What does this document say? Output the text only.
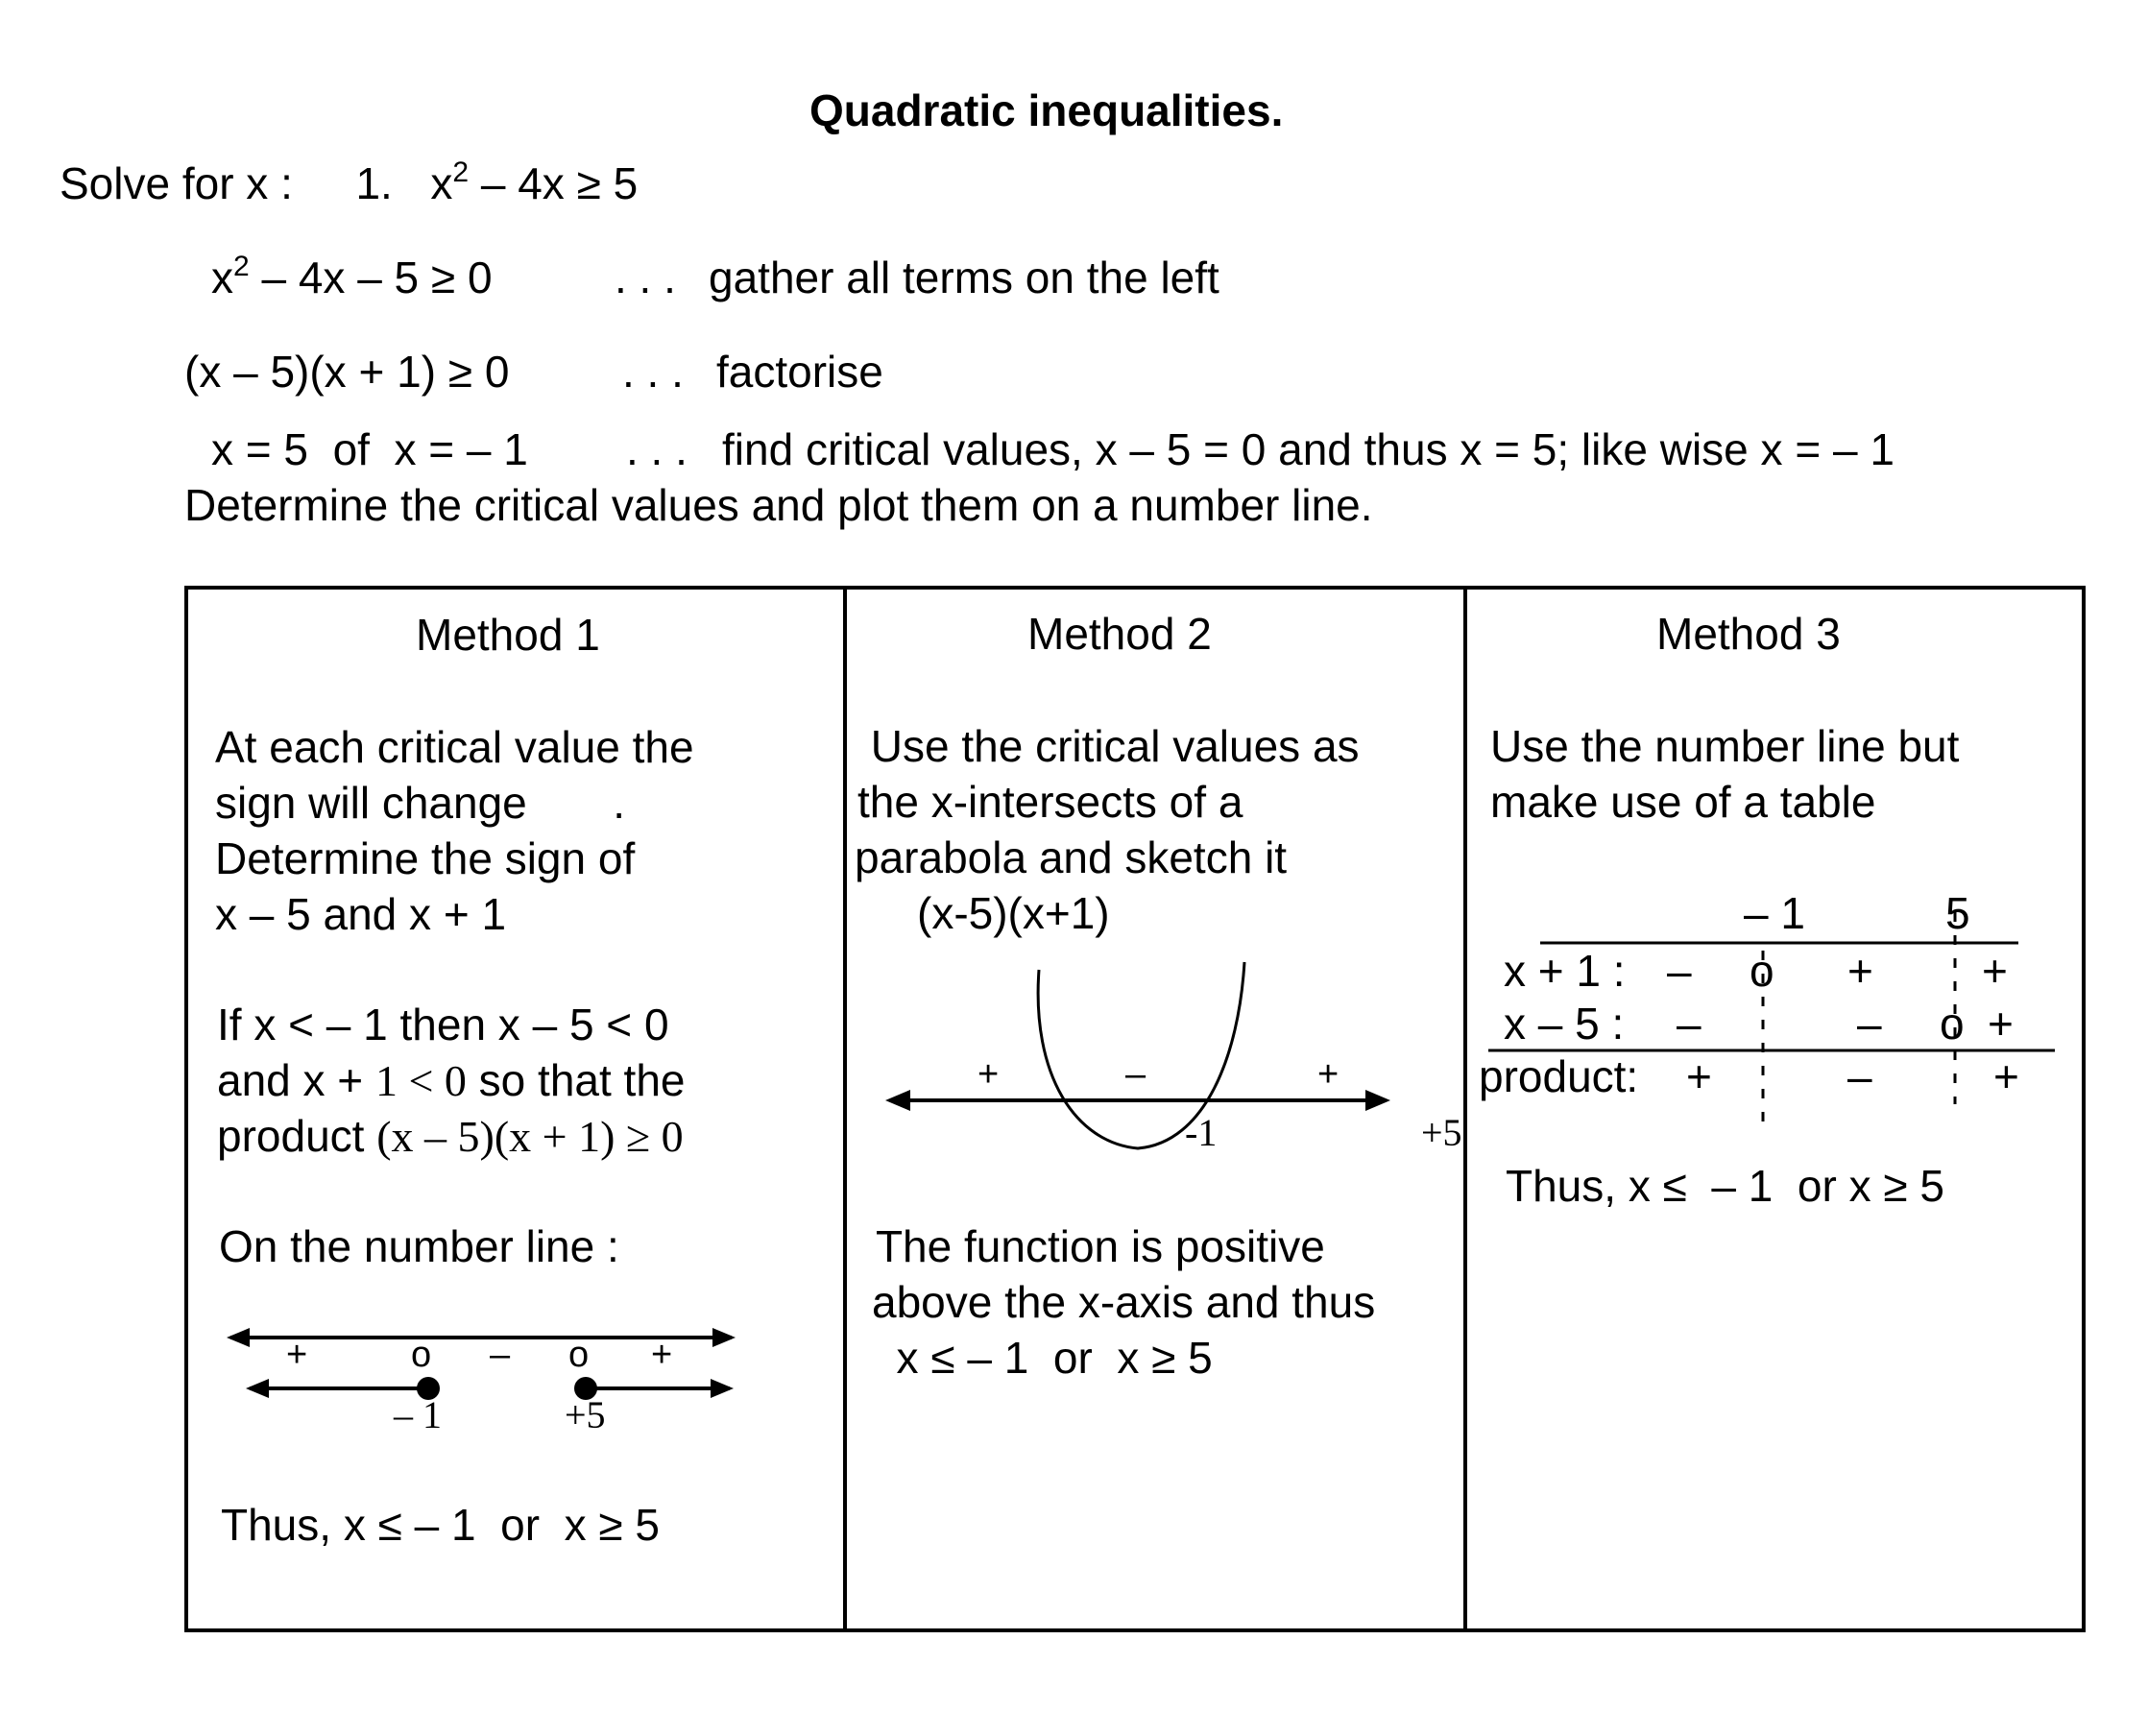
Quadratic inequalities.
Solve for x : 1. $x^2 - 4x \ge 5$
$x^2 - 4x - 5 \ge 0$	. . . gather all terms on the left
(x – 5)(x + 1) ≥ 0	. . . factorise
x = 5  of  x = – 1 . . . find critical values, x – 5 = 0 and thus x = 5; like wise x = – 1
Determine the critical values and plot them on a number line.
Method 1
At each critical value the
sign will change       .
Determine the sign of
x – 5 and x + 1
If x < – 1 then x – 5 < 0
and x + 1 < 0 so that the
product (x – 5)(x + 1) ≥ 0
On the number line :
+	o – o +
– 1	+5
Thus, x ≤ – 1  or  x ≥ 5
Method 2
Use the critical values as
the x-intersects of a
parabola and sketch it
(x-5)(x+1)
+	–	+
-1	+5
The function is positive
above the x-axis and thus
x ≤ – 1  or  x ≥ 5
Method 3
Use the number line but
make use of a table
– 1	5
x + 1 : – o + +
x – 5 : –	– o +
product: +	–	+
Thus, x ≤  – 1  or x ≥ 5
